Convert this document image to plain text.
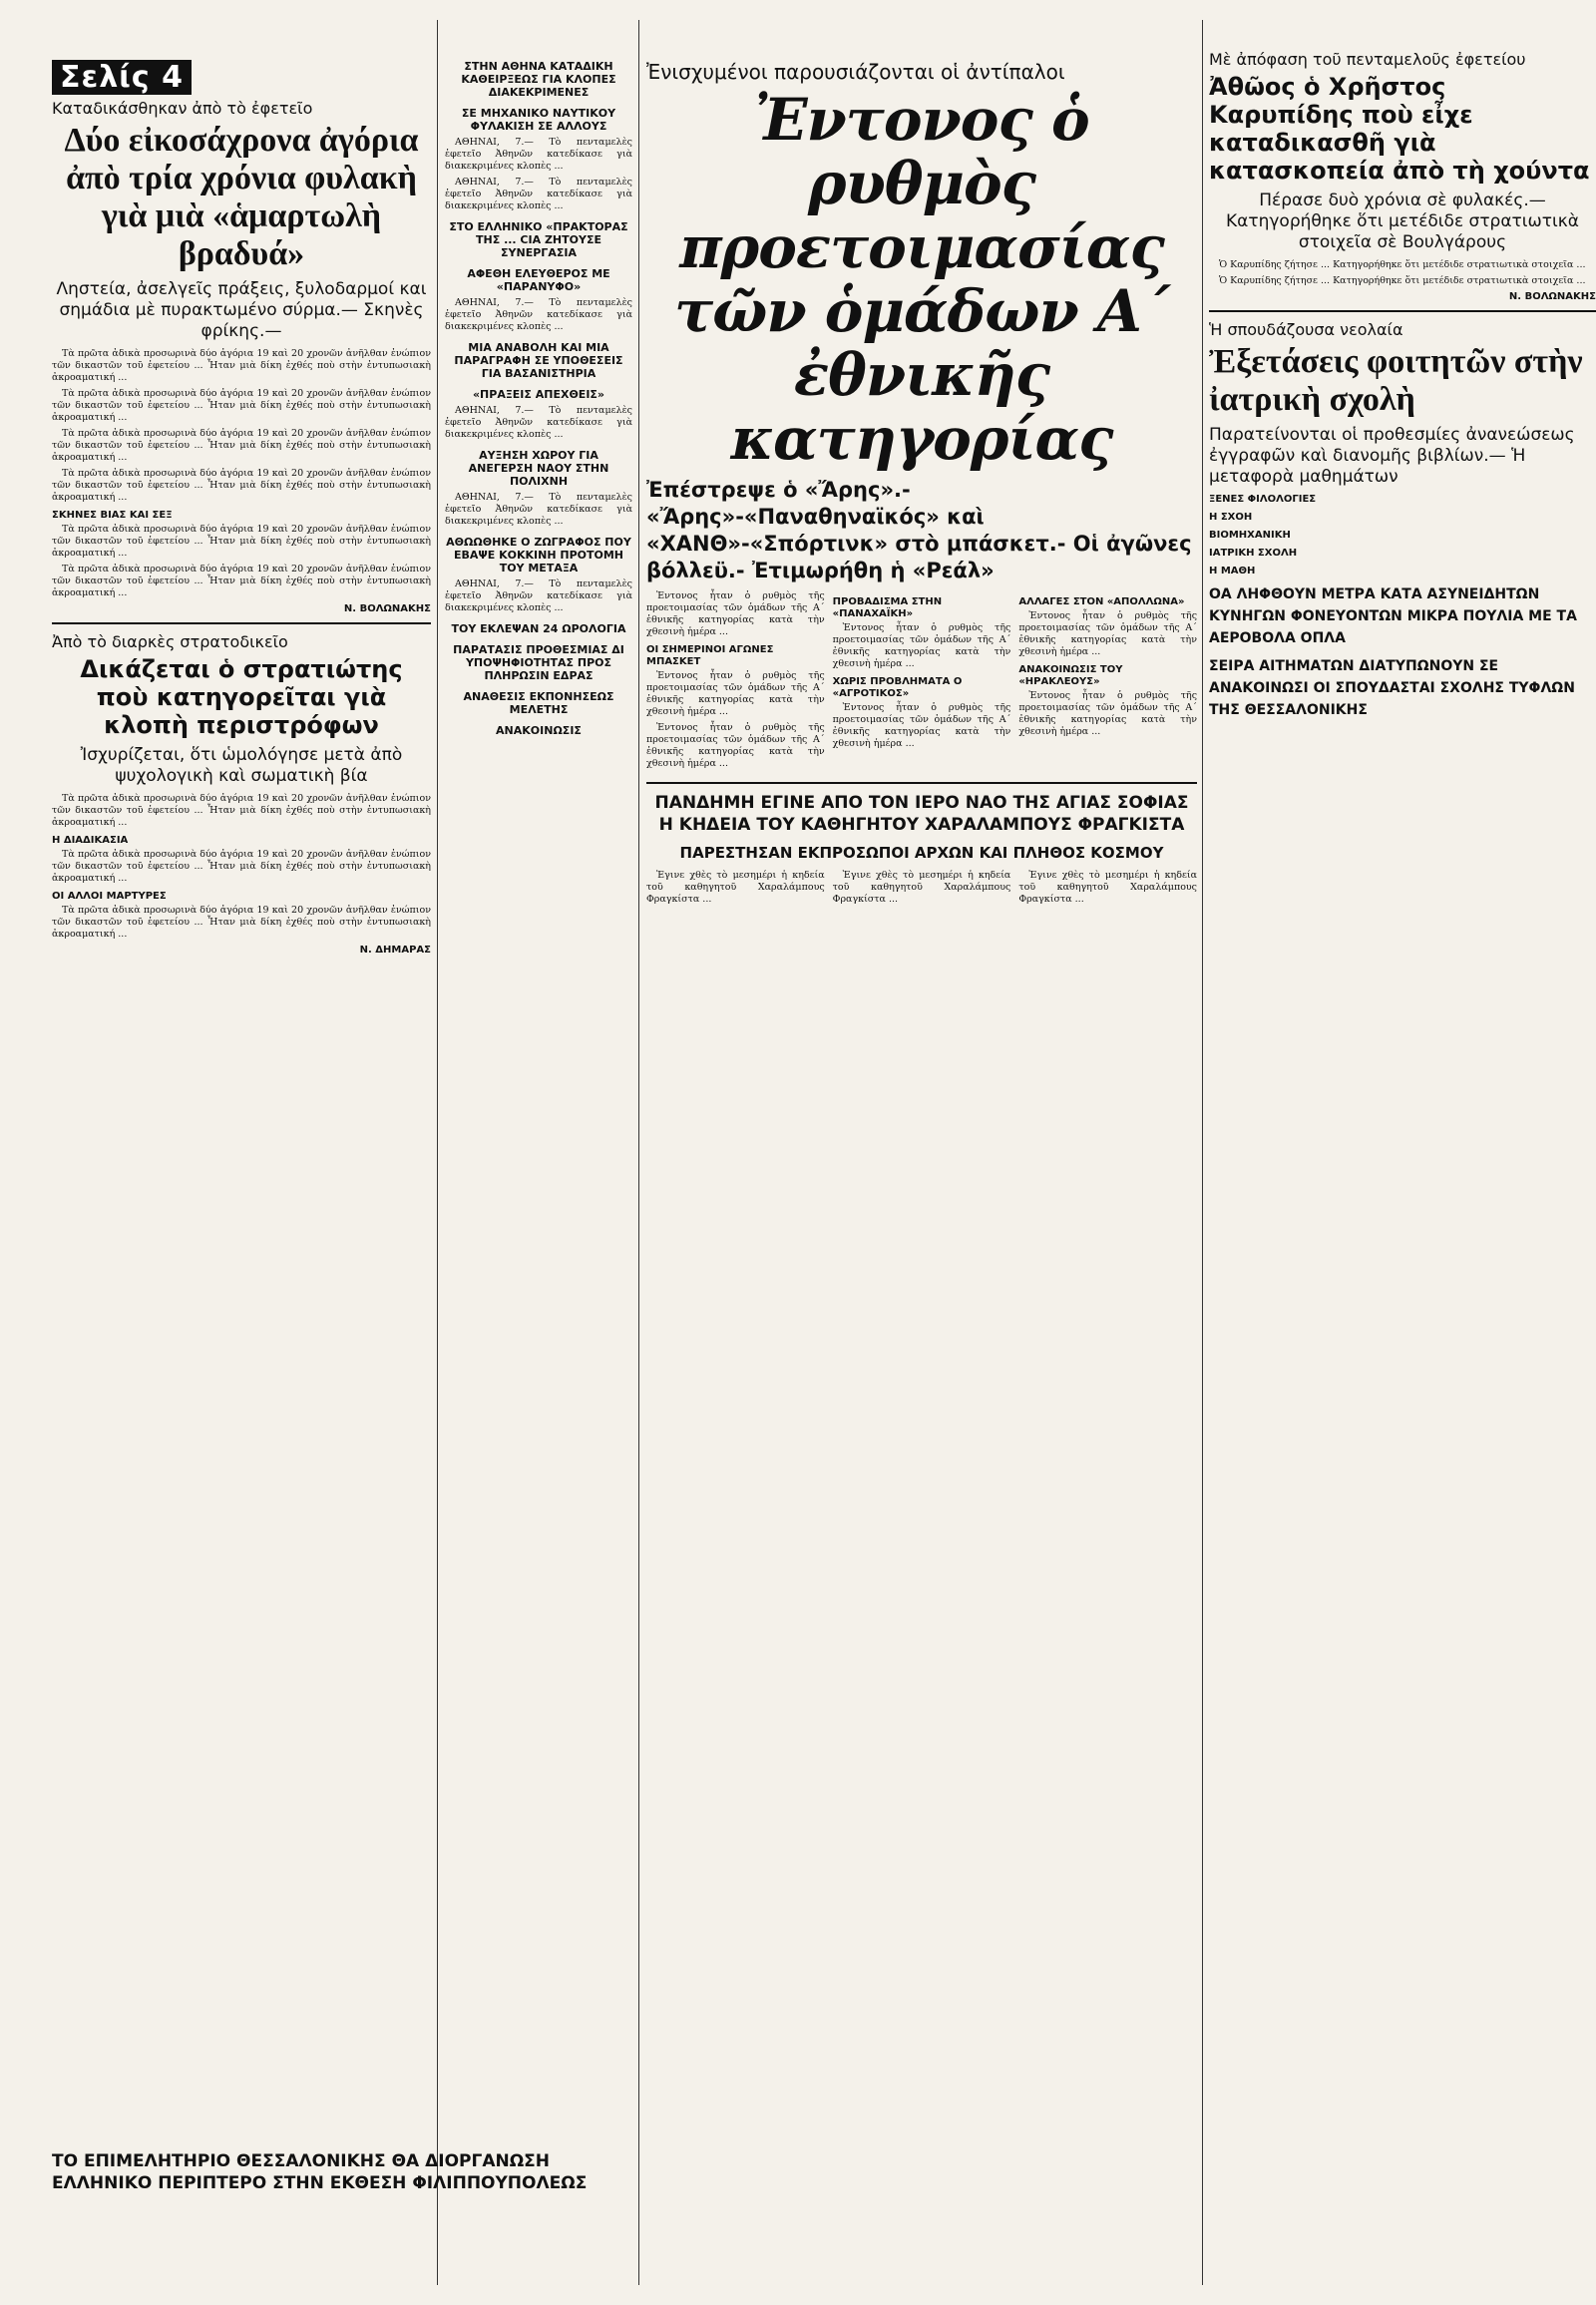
Σελίς 4
Καταδικάσθηκαν ἀπὸ τὸ ἐφετεῖο
Δύο εἰκοσάχρονα ἀγόρια ἀπὸ τρία χρόνια φυλακὴ γιὰ μιὰ «ἁμαρτωλὴ βραδυά»
Ληστεία, ἀσελγεῖς πράξεις, ξυλοδαρμοί και σημάδια μὲ πυρακτωμένο σύρμα.— Σκηνὲς φρίκης.—

Τὰ πρῶτα ἀδικὰ προσωρινὰ δύο ἀγόρια 19 καὶ 20 χρονῶν ἀνῆλθαν ἐνώπιον τῶν δικαστῶν τοῦ ἐφετείου ... Ἦταν μιὰ δίκη ἐχθές ποὺ στὴν ἐντυπωσιακὴ ἀκροαματική ...

Τὰ πρῶτα ἀδικὰ προσωρινὰ δύο ἀγόρια 19 καὶ 20 χρονῶν ἀνῆλθαν ἐνώπιον τῶν δικαστῶν τοῦ ἐφετείου ... Ἦταν μιὰ δίκη ἐχθές ποὺ στὴν ἐντυπωσιακὴ ἀκροαματική ...

Τὰ πρῶτα ἀδικὰ προσωρινὰ δύο ἀγόρια 19 καὶ 20 χρονῶν ἀνῆλθαν ἐνώπιον τῶν δικαστῶν τοῦ ἐφετείου ... Ἦταν μιὰ δίκη ἐχθές ποὺ στὴν ἐντυπωσιακὴ ἀκροαματική ...

Τὰ πρῶτα ἀδικὰ προσωρινὰ δύο ἀγόρια 19 καὶ 20 χρονῶν ἀνῆλθαν ἐνώπιον τῶν δικαστῶν τοῦ ἐφετείου ... Ἦταν μιὰ δίκη ἐχθές ποὺ στὴν ἐντυπωσιακὴ ἀκροαματική ...

ΣΚΗΝΕΣ ΒΙΑΣ ΚΑΙ ΣΕΞ

Τὰ πρῶτα ἀδικὰ προσωρινὰ δύο ἀγόρια 19 καὶ 20 χρονῶν ἀνῆλθαν ἐνώπιον τῶν δικαστῶν τοῦ ἐφετείου ... Ἦταν μιὰ δίκη ἐχθές ποὺ στὴν ἐντυπωσιακὴ ἀκροαματική ...

Τὰ πρῶτα ἀδικὰ προσωρινὰ δύο ἀγόρια 19 καὶ 20 χρονῶν ἀνῆλθαν ἐνώπιον τῶν δικαστῶν τοῦ ἐφετείου ... Ἦταν μιὰ δίκη ἐχθές ποὺ στὴν ἐντυπωσιακὴ ἀκροαματική ...

Ν. ΒΟΛΩΝΑΚΗΣ
Ἀπὸ τὸ διαρκὲς στρατοδικεῖο
Δικάζεται ὁ στρατιώτης ποὺ κατηγορεῖται γιὰ κλοπὴ περιστρόφων
Ἰσχυρίζεται, ὅτι ὡμολόγησε μετὰ ἀπὸ ψυχολογικὴ καὶ σωματικὴ βία

Τὰ πρῶτα ἀδικὰ προσωρινὰ δύο ἀγόρια 19 καὶ 20 χρονῶν ἀνῆλθαν ἐνώπιον τῶν δικαστῶν τοῦ ἐφετείου ... Ἦταν μιὰ δίκη ἐχθές ποὺ στὴν ἐντυπωσιακὴ ἀκροαματική ...

Η ΔΙΑΔΙΚΑΣΙΑ

Τὰ πρῶτα ἀδικὰ προσωρινὰ δύο ἀγόρια 19 καὶ 20 χρονῶν ἀνῆλθαν ἐνώπιον τῶν δικαστῶν τοῦ ἐφετείου ... Ἦταν μιὰ δίκη ἐχθές ποὺ στὴν ἐντυπωσιακὴ ἀκροαματική ...

ΟΙ ΑΛΛΟΙ ΜΑΡΤΥΡΕΣ

Τὰ πρῶτα ἀδικὰ προσωρινὰ δύο ἀγόρια 19 καὶ 20 χρονῶν ἀνῆλθαν ἐνώπιον τῶν δικαστῶν τοῦ ἐφετείου ... Ἦταν μιὰ δίκη ἐχθές ποὺ στὴν ἐντυπωσιακὴ ἀκροαματική ...

Ν. ΔΗΜΑΡΑΣ
ΣΤΗΝ ΑΘΗΝΑ ΚΑΤΑΔΙΚΗ ΚΑΘΕΙΡΞΕΩΣ ΓΙΑ ΚΛΟΠΕΣ ΔΙΑΚΕΚΡΙΜΕΝΕΣ
ΣΕ ΜΗΧΑΝΙΚΟ ΝΑΥΤΙΚΟΥ ΦΥΛΑΚΙΣΗ ΣΕ ΑΛΛΟΥΣ

ΑΘΗΝΑΙ, 7.— Τὸ πενταμελὲς ἐφετεῖο Ἀθηνῶν κατεδίκασε γιὰ διακεκριμένες κλοπὲς ...

ΑΘΗΝΑΙ, 7.— Τὸ πενταμελὲς ἐφετεῖο Ἀθηνῶν κατεδίκασε γιὰ διακεκριμένες κλοπὲς ...

ΣΤΟ ΕΛΛΗΝΙΚΟ «ΠΡΑΚΤΟΡΑΣ ΤΗΣ ... CIA ΖΗΤΟΥΣΕ ΣΥΝΕΡΓΑΣΙΑ
ΑΦΕΘΗ ΕΛΕΥΘΕΡΟΣ ΜΕ «ΠΑΡΑΝΥΦΟ»

ΑΘΗΝΑΙ, 7.— Τὸ πενταμελὲς ἐφετεῖο Ἀθηνῶν κατεδίκασε γιὰ διακεκριμένες κλοπὲς ...

ΜΙΑ ΑΝΑΒΟΛΗ ΚΑΙ ΜΙΑ ΠΑΡΑΓΡΑΦΗ ΣΕ ΥΠΟΘΕΣΕΙΣ ΓΙΑ ΒΑΣΑΝΙΣΤΗΡΙΑ
«ΠΡΑΞΕΙΣ ΑΠΕΧΘΕΙΣ»

ΑΘΗΝΑΙ, 7.— Τὸ πενταμελὲς ἐφετεῖο Ἀθηνῶν κατεδίκασε γιὰ διακεκριμένες κλοπὲς ...

ΑΥΞΗΣΗ ΧΩΡΟΥ ΓΙΑ ΑΝΕΓΕΡΣΗ ΝΑΟΥ ΣΤΗΝ ΠΟΛΙΧΝΗ

ΑΘΗΝΑΙ, 7.— Τὸ πενταμελὲς ἐφετεῖο Ἀθηνῶν κατεδίκασε γιὰ διακεκριμένες κλοπὲς ...

ΑΘΩΩΘΗΚΕ Ο ΖΩΓΡΑΦΟΣ ΠΟΥ ΕΒΑΨΕ ΚΟΚΚΙΝΗ ΠΡΟΤΟΜΗ ΤΟΥ ΜΕΤΑΞΑ

ΑΘΗΝΑΙ, 7.— Τὸ πενταμελὲς ἐφετεῖο Ἀθηνῶν κατεδίκασε γιὰ διακεκριμένες κλοπὲς ...

ΤΟΥ ΕΚΛΕΨΑΝ 24 ΩΡΟΛΟΓΙΑ
ΠΑΡΑΤΑΣΙΣ ΠΡΟΘΕΣΜΙΑΣ ΔΙ ΥΠΟΨΗΦΙΟΤΗΤΑΣ ΠΡΟΣ ΠΛΗΡΩΣΙΝ ΕΔΡΑΣ
ΑΝΑΘΕΣΙΣ ΕΚΠΟΝΗΣΕΩΣ ΜΕΛΕΤΗΣ
ΑΝΑΚΟΙΝΩΣΙΣ
Ἐνισχυμένοι παρουσιάζονται οἱ ἀντίπαλοι
Ἐντονος ὁ ρυθμὸς προετοιμασίας τῶν ὁμάδων Α΄ ἐθνικῆς κατηγορίας
Ἐπέστρεψε ὁ «Ἄρης».- «Ἄρης»-«Παναθηναϊκός» καὶ «ΧΑΝΘ»-«Σπόρτινκ» στὸ μπάσκετ.- Οἱ ἀγῶνες βόλλεϋ.- Ἐτιμωρήθη ἡ «Ρεάλ»

Ἐντονος ἦταν ὁ ρυθμὸς τῆς προετοιμασίας τῶν ὁμάδων τῆς Α΄ ἐθνικῆς κατηγορίας κατὰ τὴν χθεσινὴ ἡμέρα ...

ΟΙ ΣΗΜΕΡΙΝΟΙ ΑΓΩΝΕΣ ΜΠΑΣΚΕΤ

Ἐντονος ἦταν ὁ ρυθμὸς τῆς προετοιμασίας τῶν ὁμάδων τῆς Α΄ ἐθνικῆς κατηγορίας κατὰ τὴν χθεσινὴ ἡμέρα ...

Ἐντονος ἦταν ὁ ρυθμὸς τῆς προετοιμασίας τῶν ὁμάδων τῆς Α΄ ἐθνικῆς κατηγορίας κατὰ τὴν χθεσινὴ ἡμέρα ...

ΠΡΟΒΑΔΙΣΜΑ ΣΤΗΝ «ΠΑΝΑΧΑΪΚΗ»

Ἐντονος ἦταν ὁ ρυθμὸς τῆς προετοιμασίας τῶν ὁμάδων τῆς Α΄ ἐθνικῆς κατηγορίας κατὰ τὴν χθεσινὴ ἡμέρα ...

ΧΩΡΙΣ ΠΡΟΒΛΗΜΑΤΑ Ο «ΑΓΡΟΤΙΚΟΣ»

Ἐντονος ἦταν ὁ ρυθμὸς τῆς προετοιμασίας τῶν ὁμάδων τῆς Α΄ ἐθνικῆς κατηγορίας κατὰ τὴν χθεσινὴ ἡμέρα ...

ΑΛΛΑΓΕΣ ΣΤΟΝ «ΑΠΟΛΛΩΝΑ»

Ἐντονος ἦταν ὁ ρυθμὸς τῆς προετοιμασίας τῶν ὁμάδων τῆς Α΄ ἐθνικῆς κατηγορίας κατὰ τὴν χθεσινὴ ἡμέρα ...

ΑΝΑΚΟΙΝΩΣΙΣ ΤΟΥ «ΗΡΑΚΛΕΟΥΣ»

Ἐντονος ἦταν ὁ ρυθμὸς τῆς προετοιμασίας τῶν ὁμάδων τῆς Α΄ ἐθνικῆς κατηγορίας κατὰ τὴν χθεσινὴ ἡμέρα ...

ΠΑΝΔΗΜΗ ΕΓΙΝΕ ΑΠΟ ΤΟΝ ΙΕΡΟ ΝΑΟ ΤΗΣ ΑΓΙΑΣ ΣΟΦΙΑΣ Η ΚΗΔΕΙΑ ΤΟΥ ΚΑΘΗΓΗΤΟΥ ΧΑΡΑΛΑΜΠΟΥΣ ΦΡΑΓΚΙΣΤΑ
ΠΑΡΕΣΤΗΣΑΝ ΕΚΠΡΟΣΩΠΟΙ ΑΡΧΩΝ ΚΑΙ ΠΛΗΘΟΣ ΚΟΣΜΟΥ

Ἐγινε χθὲς τὸ μεσημέρι ἡ κηδεία τοῦ καθηγητοῦ Χαραλάμπους Φραγκίστα ...

Ἐγινε χθὲς τὸ μεσημέρι ἡ κηδεία τοῦ καθηγητοῦ Χαραλάμπους Φραγκίστα ...

Ἐγινε χθὲς τὸ μεσημέρι ἡ κηδεία τοῦ καθηγητοῦ Χαραλάμπους Φραγκίστα ...

Μὲ ἀπόφαση τοῦ πενταμελοῦς ἐφετείου
Ἀθῶος ὁ Χρῆστος Καρυπίδης ποὺ εἶχε καταδικασθῆ γιὰ κατασκοπεία ἀπὸ τὴ χούντα
Πέρασε δυὸ χρόνια σὲ φυλακές.— Κατηγορήθηκε ὅτι μετέδιδε στρατιωτικὰ στοιχεῖα σὲ Βουλγάρους

Ὁ Καρυπίδης ζήτησε ... Κατηγορήθηκε ὅτι μετέδιδε στρατιωτικὰ στοιχεῖα ...

Ὁ Καρυπίδης ζήτησε ... Κατηγορήθηκε ὅτι μετέδιδε στρατιωτικὰ στοιχεῖα ...

Ν. ΒΟΛΩΝΑΚΗΣ
Ἡ σπουδάζουσα νεολαία
Ἐξετάσεις φοιτητῶν στὴν ἰατρικὴ σχολὴ
Παρατείνονται οἱ προθεσμίες ἀνανεώσεως ἐγγραφῶν καὶ διανομῆς βιβλίων.— Ἡ μεταφορὰ μαθημάτων
ΞΕΝΕΣ ΦΙΛΟΛΟΓΙΕΣ
Η ΣΧΟΗ
ΒΙΟΜΗΧΑΝΙΚΗ
ΙΑΤΡΙΚΗ ΣΧΟΛΗ
Η ΜΑΘΗ
ΟΑ ΛΗΦΘΟΥΝ ΜΕΤΡΑ ΚΑΤΑ ΑΣΥΝΕΙΔΗΤΩΝ ΚΥΝΗΓΩΝ ΦΟΝΕΥΟΝΤΩΝ ΜΙΚΡΑ ΠΟΥΛΙΑ ΜΕ ΤΑ ΑΕΡΟΒΟΛΑ ΟΠΛΑ
ΣΕΙΡΑ ΑΙΤΗΜΑΤΩΝ ΔΙΑΤΥΠΩΝΟΥΝ ΣΕ ΑΝΑΚΟΙΝΩΣΙ ΟΙ ΣΠΟΥΔΑΣΤΑΙ ΣΧΟΛΗΣ ΤΥΦΛΩΝ ΤΗΣ ΘΕΣΣΑΛΟΝΙΚΗΣ
ΤΟ ΕΠΙΜΕΛΗΤΗΡΙΟ ΘΕΣΣΑΛΟΝΙΚΗΣ ΘΑ ΔΙΟΡΓΑΝΩΣΗ ΕΛΛΗΝΙΚΟ ΠΕΡΙΠΤΕΡΟ ΣΤΗΝ ΕΚΘΕΣΗ ΦΙΛΙΠΠΟΥΠΟΛΕΩΣ
